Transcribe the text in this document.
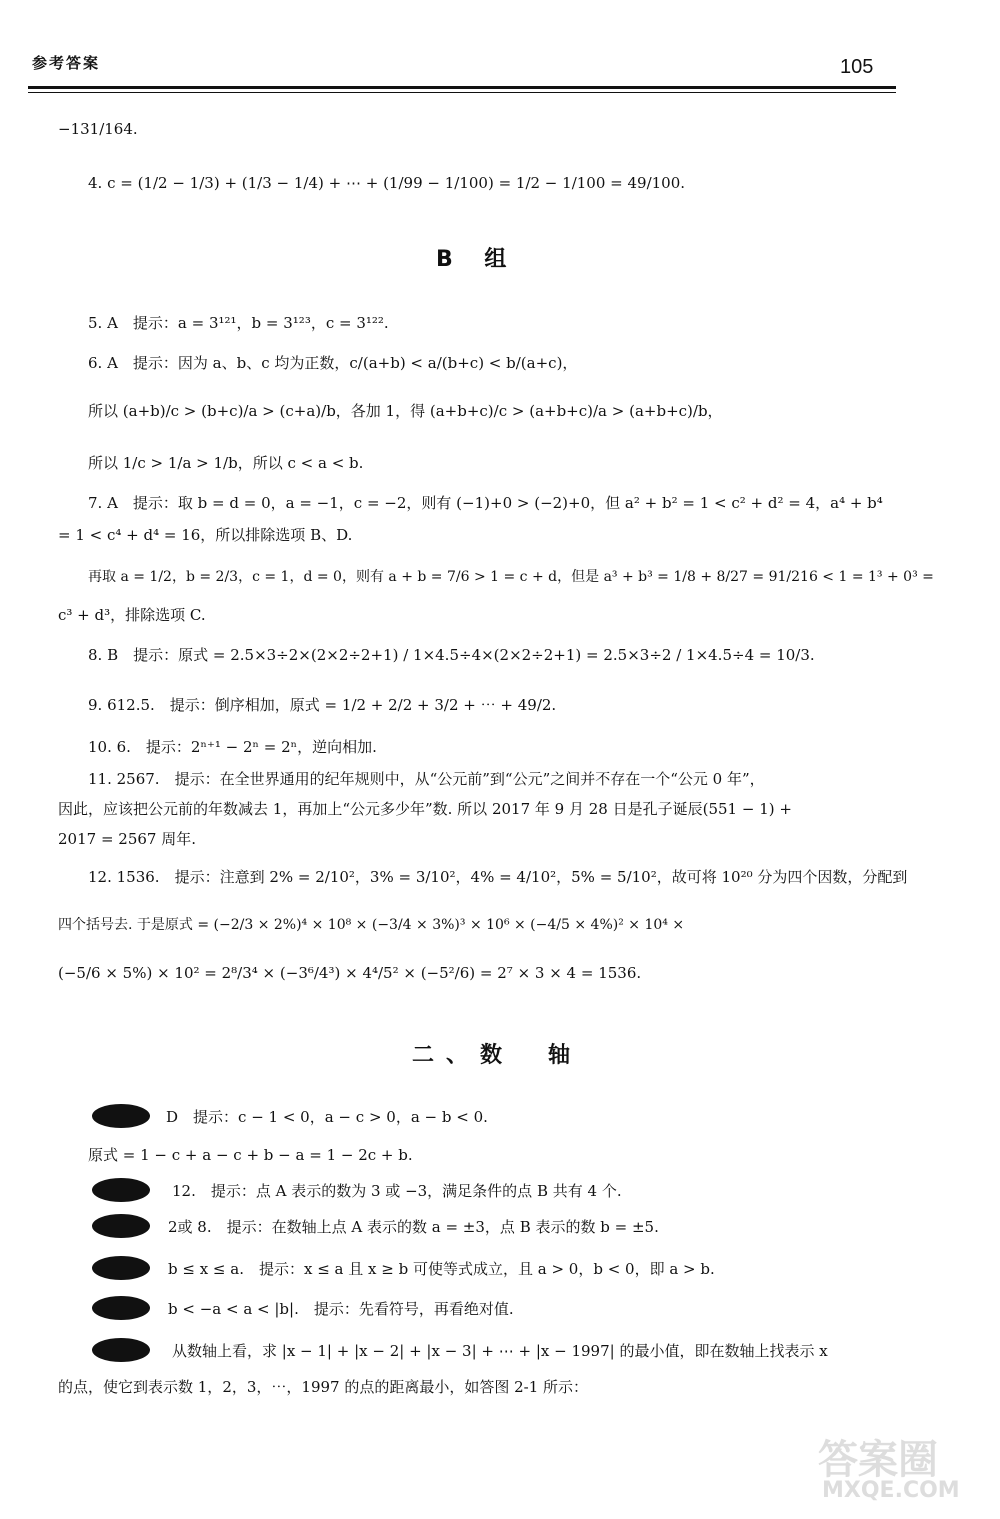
参考答案	105
−131/164.
4. c = (1/2 − 1/3) + (1/3 − 1/4) + ⋯ + (1/99 − 1/100) = 1/2 − 1/100 = 49/100.
B 组
5. A　提示：a = 3¹²¹，b = 3¹²³，c = 3¹²².
6. A　提示：因为 a、b、c 均为正数，c/(a+b) < a/(b+c) < b/(a+c)，
所以 (a+b)/c > (b+c)/a > (c+a)/b，各加 1，得 (a+b+c)/c > (a+b+c)/a > (a+b+c)/b，
所以 1/c > 1/a > 1/b，所以 c < a < b.
7. A　提示：取 b = d = 0，a = −1，c = −2，则有 (−1)+0 > (−2)+0，但 a² + b² = 1 < c² + d² = 4，a⁴ + b⁴
= 1 < c⁴ + d⁴ = 16，所以排除选项 B、D.
再取 a = 1/2，b = 2/3，c = 1，d = 0，则有 a + b = 7/6 > 1 = c + d，但是 a³ + b³ = 1/8 + 8/27 = 91/216 < 1 = 1³ + 0³ =
c³ + d³，排除选项 C.
8. B　提示：原式 = 2.5×3÷2×(2×2÷2+1) / 1×4.5÷4×(2×2÷2+1) = 2.5×3÷2 / 1×4.5÷4 = 10/3.
9. 612.5.　提示：倒序相加，原式 = 1/2 + 2/2 + 3/2 + ⋯ + 49/2.
10. 6.　提示：2ⁿ⁺¹ − 2ⁿ = 2ⁿ，逆向相加.
11. 2567.　提示：在全世界通用的纪年规则中，从“公元前”到“公元”之间并不存在一个“公元 0 年”，
因此，应该把公元前的年数减去 1，再加上“公元多少年”数. 所以 2017 年 9 月 28 日是孔子诞辰(551 − 1) +
2017 = 2567 周年.
12. 1536.　提示：注意到 2% = 2/10²，3% = 3/10²，4% = 4/10²，5% = 5/10²，故可将 10²⁰ 分为四个因数，分配到
四个括号去. 于是原式 = (−2/3 × 2%)⁴ × 10⁸ × (−3/4 × 3%)³ × 10⁶ × (−4/5 × 4%)² × 10⁴ ×
(−5/6 × 5%) × 10² = 2⁸/3⁴ × (−3⁶/4³) × 4⁴/5² × (−5²/6) = 2⁷ × 3 × 4 = 1536.
二、数　轴
D　提示：c − 1 < 0，a − c > 0，a − b < 0.
原式 = 1 − c + a − c + b − a = 1 − 2c + b.
12.　提示：点 A 表示的数为 3 或 −3，满足条件的点 B 共有 4 个.
2或 8.　提示：在数轴上点 A 表示的数 a = ±3，点 B 表示的数 b = ±5.
b ≤ x ≤ a.　提示：x ≤ a 且 x ≥ b 可使等式成立，且 a > 0，b < 0，即 a > b.
b < −a < a < |b|.　提示：先看符号，再看绝对值.
从数轴上看，求 |x − 1| + |x − 2| + |x − 3| + ⋯ + |x − 1997| 的最小值，即在数轴上找表示 x
的点，使它到表示数 1，2，3，⋯，1997 的点的距离最小，如答图 2-1 所示：
答案圈
MXQE.COM
